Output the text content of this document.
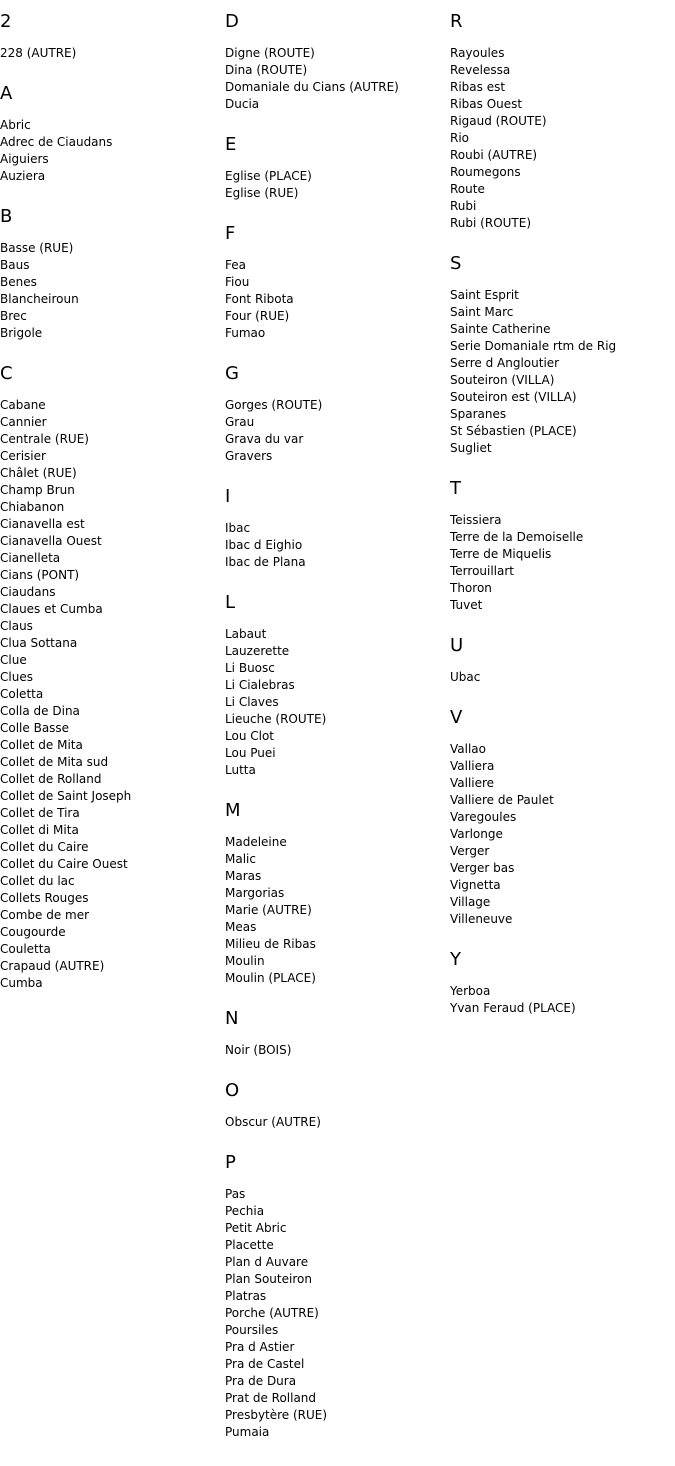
2
228 (AUTRE)
A
Abric
Adrec de Ciaudans
Aiguiers
Auziera
B
Basse (RUE)
Baus
Benes
Blancheiroun
Brec
Brigole
C
Cabane
Cannier
Centrale (RUE)
Cerisier
Châlet (RUE)
Champ Brun
Chiabanon
Cianavella est
Cianavella Ouest
Cianelleta
Cians (PONT)
Ciaudans
Claues et Cumba
Claus
Clua Sottana
Clue
Clues
Coletta
Colla de Dina
Colle Basse
Collet de Mita
Collet de Mita sud
Collet de Rolland
Collet de Saint Joseph
Collet de Tira
Collet di Mita
Collet du Caire
Collet du Caire Ouest
Collet du lac
Collets Rouges
Combe de mer
Cougourde
Couletta
Crapaud (AUTRE)
Cumba
D
Digne (ROUTE)
Dina (ROUTE)
Domaniale du Cians (AUTRE)
Ducia
E
Eglise (PLACE)
Eglise (RUE)
F
Fea
Fiou
Font Ribota
Four (RUE)
Fumao
G
Gorges (ROUTE)
Grau
Grava du var
Gravers
I
Ibac
Ibac d Eighio
Ibac de Plana
L
Labaut
Lauzerette
Li Buosc
Li Cialebras
Li Claves
Lieuche (ROUTE)
Lou Clot
Lou Puei
Lutta
M
Madeleine
Malic
Maras
Margorias
Marie (AUTRE)
Meas
Milieu de Ribas
Moulin
Moulin (PLACE)
N
Noir (BOIS)
O
Obscur (AUTRE)
P
Pas
Pechia
Petit Abric
Placette
Plan d Auvare
Plan Souteiron
Platras
Porche (AUTRE)
Poursiles
Pra d Astier
Pra de Castel
Pra de Dura
Prat de Rolland
Presbytère (RUE)
Pumaia
R
Rayoules
Revelessa
Ribas est
Ribas Ouest
Rigaud (ROUTE)
Rio
Roubi (AUTRE)
Roumegons
Route
Rubi
Rubi (ROUTE)
S
Saint Esprit
Saint Marc
Sainte Catherine
Serie Domaniale rtm de Rig
Serre d Angloutier
Souteiron (VILLA)
Souteiron est (VILLA)
Sparanes
St Sébastien (PLACE)
Sugliet
T
Teissiera
Terre de la Demoiselle
Terre de Miquelis
Terrouillart
Thoron
Tuvet
U
Ubac
V
Vallao
Valliera
Valliere
Valliere de Paulet
Varegoules
Varlonge
Verger
Verger bas
Vignetta
Village
Villeneuve
Y
Yerboa
Yvan Feraud (PLACE)
